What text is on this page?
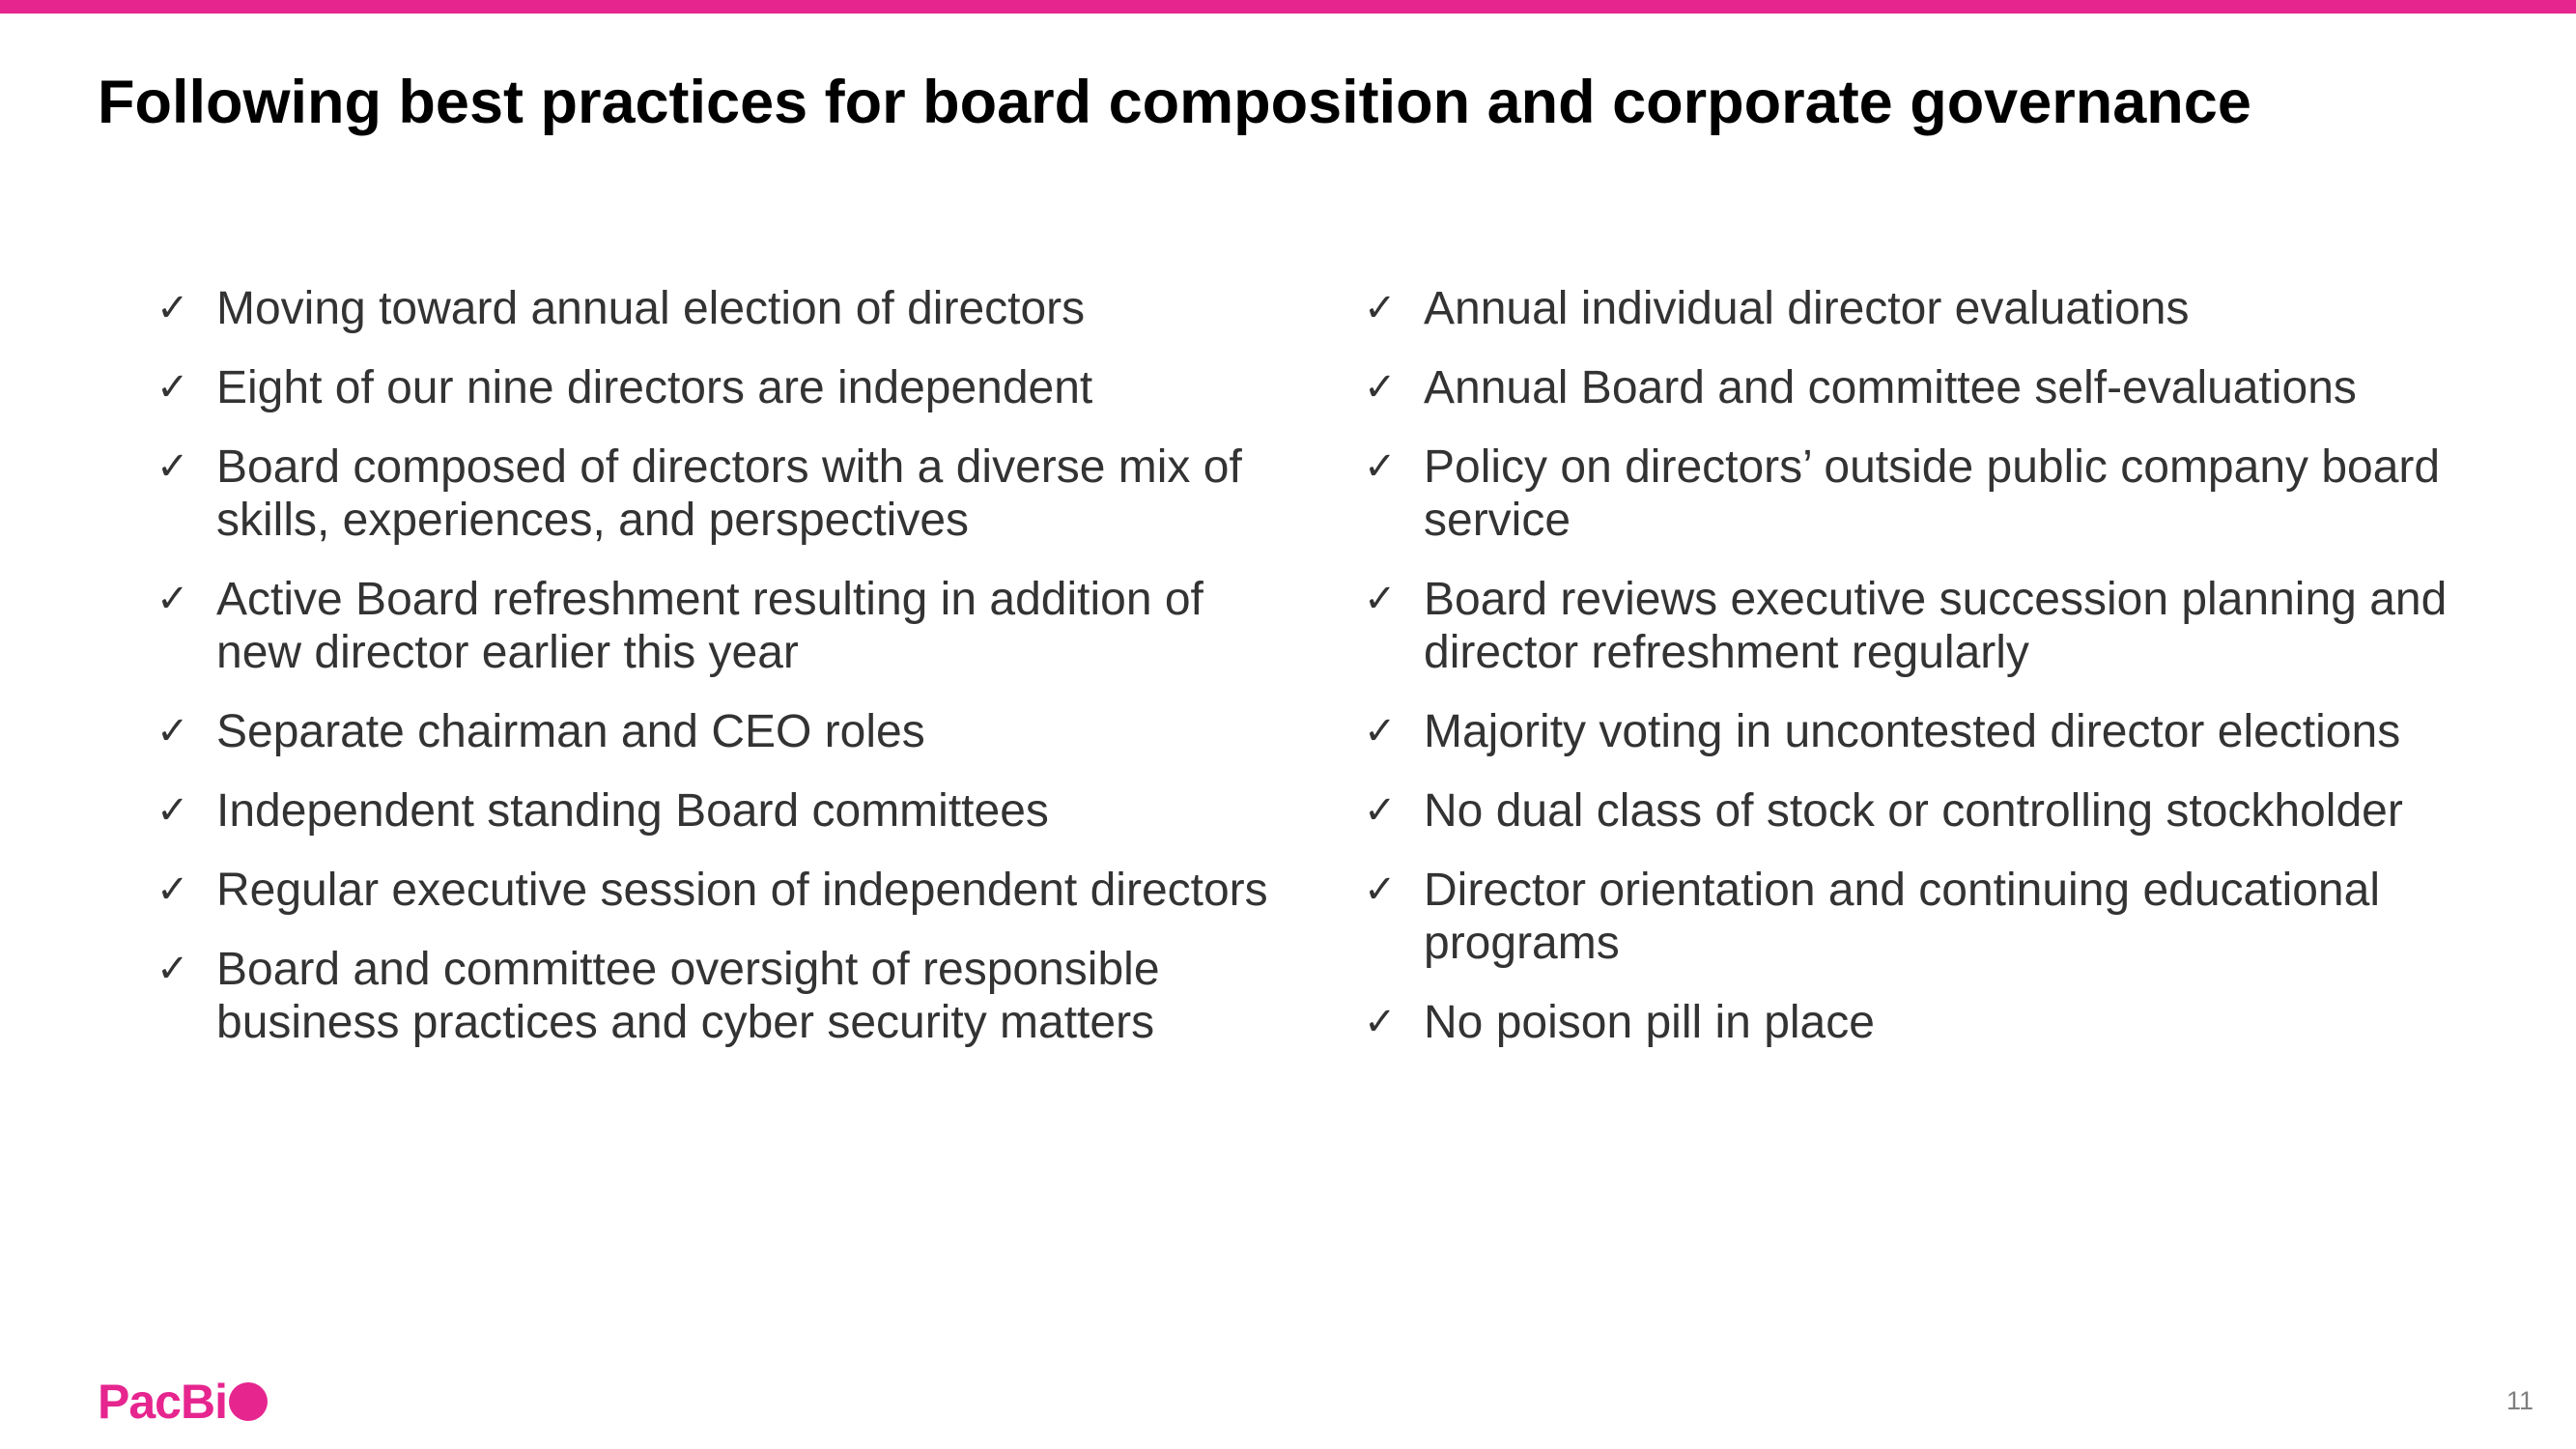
Following best practices for board composition and corporate governance
✓ Moving toward annual election of directors
✓ Eight of our nine directors are independent
✓ Board composed of directors with a diverse mix of skills, experiences, and perspectives
✓ Active Board refreshment resulting in addition of new director earlier this year
✓ Separate chairman and CEO roles
✓ Independent standing Board committees
✓ Regular executive session of independent directors
✓ Board and committee oversight of responsible business practices and cyber security matters
✓ Annual individual director evaluations
✓ Annual Board and committee self-evaluations
✓ Policy on directors’ outside public company board service
✓ Board reviews executive succession planning and director refreshment regularly
✓ Majority voting in uncontested director elections
✓ No dual class of stock or controlling stockholder
✓ Director orientation and continuing educational programs
✓ No poison pill in place
PacBi	11
